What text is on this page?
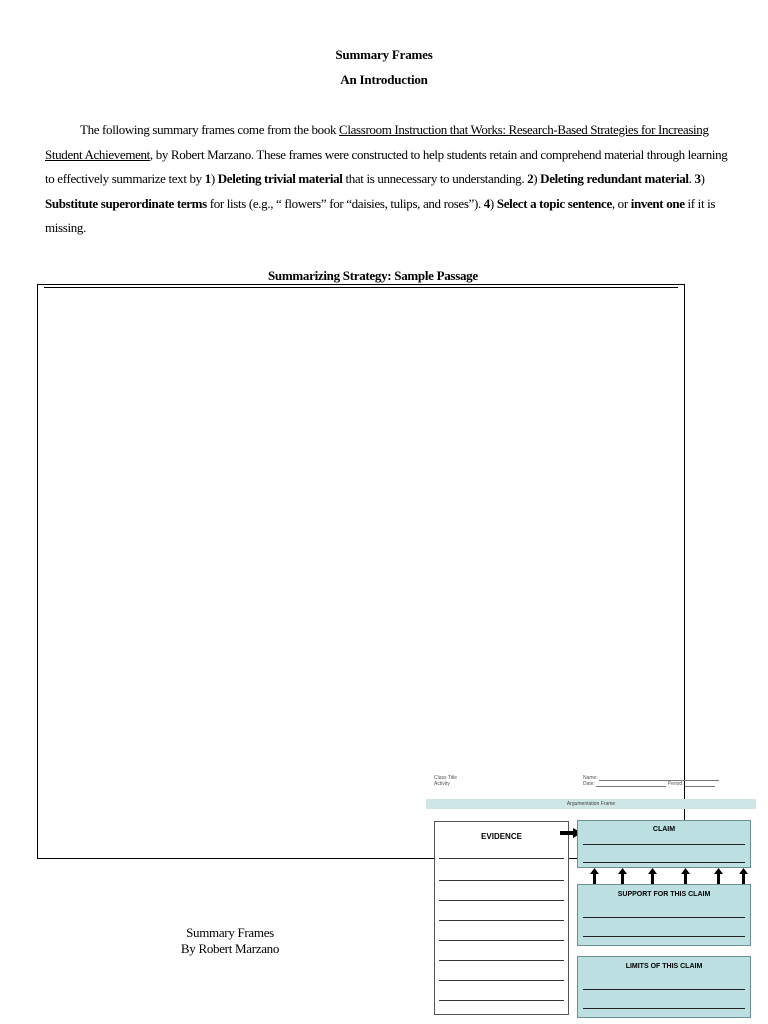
Summary Frames
An Introduction
The following summary frames come from the book Classroom Instruction that Works: Research-Based Strategies for Increasing Student Achievement, by Robert Marzano. These frames were constructed to help students retain and comprehend material through learning to effectively summarize text by 1) Deleting trivial material that is unnecessary to understanding. 2) Deleting redundant material. 3) Substitute superordinate terms for lists (e.g., “ flowers” for “daisies, tulips, and roses”). 4) Select a topic sentence, or invent one if it is missing.
Summarizing Strategy: Sample Passage
Summary Frames
By Robert Marzano
Class Title
Activity
Name:
Date:	Period:
Argumentation Frame
EVIDENCE
CLAIM
SUPPORT FOR THIS CLAIM
LIMITS OF THIS CLAIM
